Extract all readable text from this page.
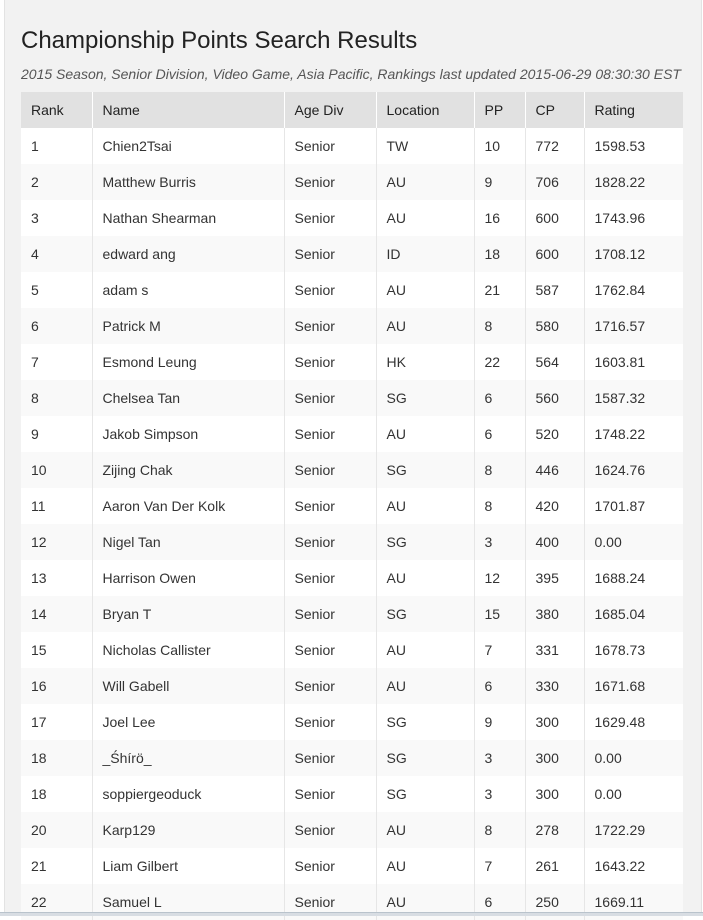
Championship Points Search Results
2015 Season, Senior Division, Video Game, Asia Pacific, Rankings last updated 2015-06-29 08:30:30 EST
Rank	Name	Age Div	Location	PP	CP	Rating
1	Chien2Tsai	Senior	TW	10	772	1598.53
2	Matthew Burris	Senior	AU	9	706	1828.22
3	Nathan Shearman	Senior	AU	16	600	1743.96
4	edward ang	Senior	ID	18	600	1708.12
5	adam s	Senior	AU	21	587	1762.84
6	Patrick M	Senior	AU	8	580	1716.57
7	Esmond Leung	Senior	HK	22	564	1603.81
8	Chelsea Tan	Senior	SG	6	560	1587.32
9	Jakob Simpson	Senior	AU	6	520	1748.22
10	Zijing Chak	Senior	SG	8	446	1624.76
11	Aaron Van Der Kolk	Senior	AU	8	420	1701.87
12	Nigel Tan	Senior	SG	3	400	0.00
13	Harrison Owen	Senior	AU	12	395	1688.24
14	Bryan T	Senior	SG	15	380	1685.04
15	Nicholas Callister	Senior	AU	7	331	1678.73
16	Will Gabell	Senior	AU	6	330	1671.68
17	Joel Lee	Senior	SG	9	300	1629.48
18	_Śhírö_	Senior	SG	3	300	0.00
18	soppiergeoduck	Senior	SG	3	300	0.00
20	Karp129	Senior	AU	8	278	1722.29
21	Liam Gilbert	Senior	AU	7	261	1643.22
22	Samuel L	Senior	AU	6	250	1669.11
